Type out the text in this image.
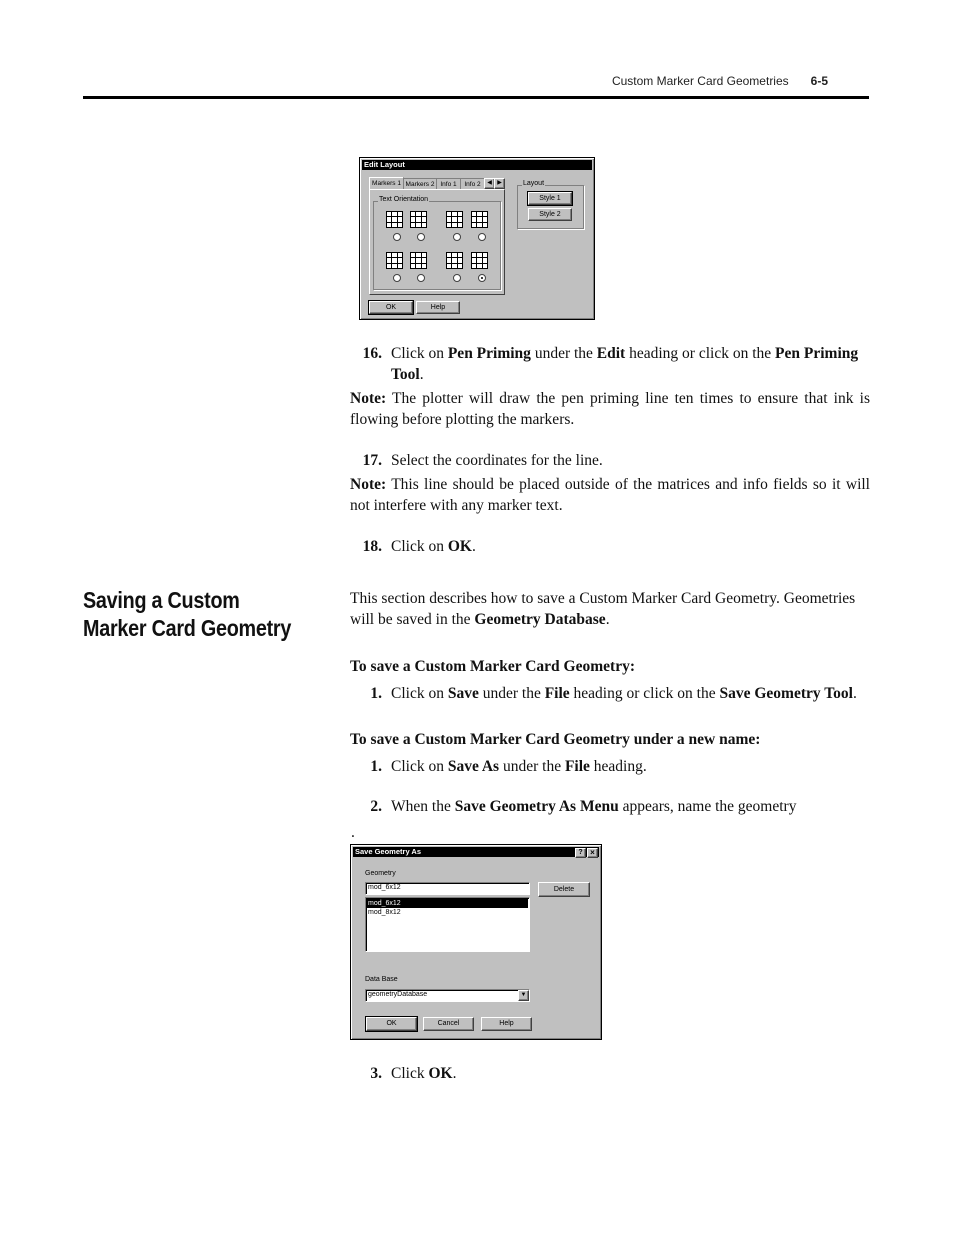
Custom Marker Card Geometries 6-5
Edit Layout
Markers 1 Markers 2 Info 1	Info 2	◀ ▶
Text Orientation
Layout
Style 1
Style 2
OK	Help
16. Click on Pen Priming under the Edit heading or click on the Pen Priming Tool.
Note: The plotter will draw the pen priming line ten times to ensure that ink is flowing before plotting the markers.
17. Select the coordinates for the line.
Note: This line should be placed outside of the matrices and info fields so it will not interfere with any marker text.
18. Click on OK.
Saving a Custom Marker Card Geometry
This section describes how to save a Custom Marker Card Geometry. Geometries will be saved in the Geometry Database.
To save a Custom Marker Card Geometry:
1. Click on Save under the File heading or click on the Save Geometry Tool.
To save a Custom Marker Card Geometry under a new name:
1. Click on Save As under the File heading.
2. When the Save Geometry As Menu appears, name the geometry
.
Save Geometry As	? ×
Geometry
mod_6x12
mod_6x12
mod_8x12
Delete
Data Base
geometryDatabase	▼
OK	Cancel	Help
3. Click OK.
